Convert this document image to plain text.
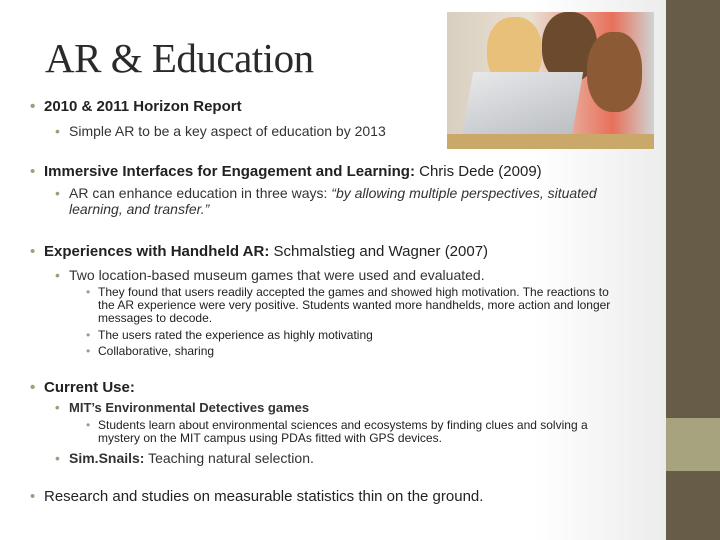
AR & Education
• 2010 & 2011 Horizon Report
• Simple AR to be a key aspect of education by 2013
• Immersive Interfaces for Engagement and Learning: Chris Dede (2009)
• AR can enhance education in three ways: “by allowing multiple perspectives, situated learning, and transfer.”
• Experiences with Handheld AR: Schmalstieg and Wagner (2007)
• Two location-based museum games that were used and evaluated.
• They found that users readily accepted the games and showed high motivation. The reactions to the AR experience were very positive. Students wanted more handhelds, more action and longer messages to decode.
• The users rated the experience as highly motivating
• Collaborative, sharing
• Current Use:
• MIT’s Environmental Detectives games
• Students learn about environmental sciences and ecosystems by finding clues and solving a mystery on the MIT campus using PDAs fitted with GPS devices.
• Sim.Snails: Teaching natural selection.
• Research and studies on measurable statistics thin on the ground.
